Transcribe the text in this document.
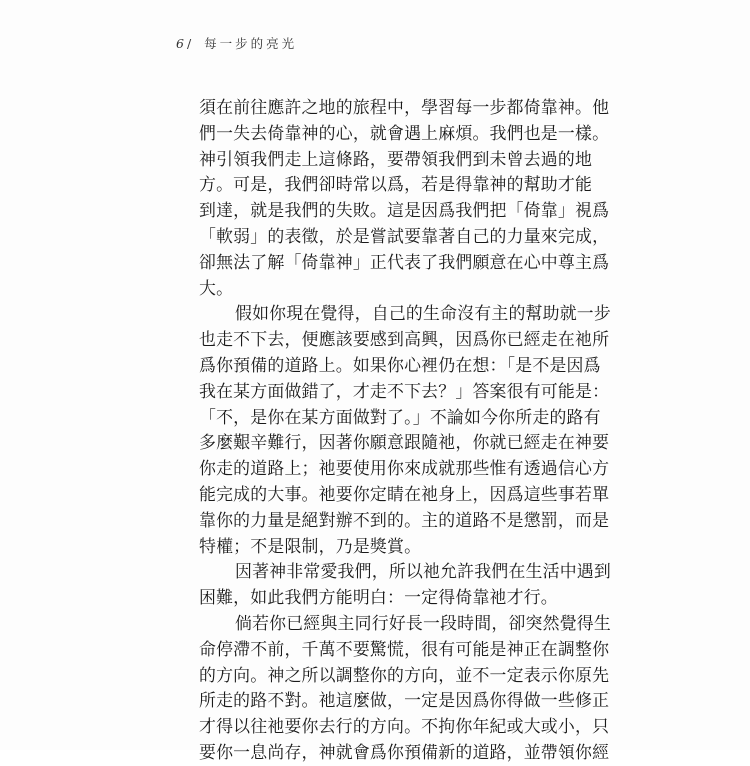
6 / 每一步的亮光
須在前往應許之地的旅程中，學習每一步都倚靠神。他
們一失去倚靠神的心，就會遇上麻煩。我們也是一樣。
神引領我們走上這條路，要帶領我們到未曾去過的地
方。可是，我們卻時常以爲，若是得靠神的幫助才能
到達，就是我們的失敗。這是因爲我們把「倚靠」視爲
「軟弱」的表徵，於是嘗試要靠著自己的力量來完成，
卻無法了解「倚靠神」正代表了我們願意在心中尊主爲
大。
假如你現在覺得，自己的生命沒有主的幫助就一步
也走不下去，便應該要感到高興，因爲你已經走在祂所
爲你預備的道路上。如果你心裡仍在想：「是不是因爲
我在某方面做錯了，才走不下去？」答案很有可能是：
「不，是你在某方面做對了。」不論如今你所走的路有
多麼艱辛難行，因著你願意跟隨祂，你就已經走在神要
你走的道路上；祂要使用你來成就那些惟有透過信心方
能完成的大事。祂要你定睛在祂身上，因爲這些事若單
靠你的力量是絕對辦不到的。主的道路不是懲罰，而是
特權；不是限制，乃是獎賞。
因著神非常愛我們，所以祂允許我們在生活中遇到
困難，如此我們方能明白：一定得倚靠祂才行。
倘若你已經與主同行好長一段時間，卻突然覺得生
命停滯不前，千萬不要驚慌，很有可能是神正在調整你
的方向。神之所以調整你的方向，並不一定表示你原先
所走的路不對。祂這麼做，一定是因爲你得做一些修正
才得以往祂要你去行的方向。不拘你年紀或大或小，只
要你一息尚存，神就會爲你預備新的道路，並帶領你經
